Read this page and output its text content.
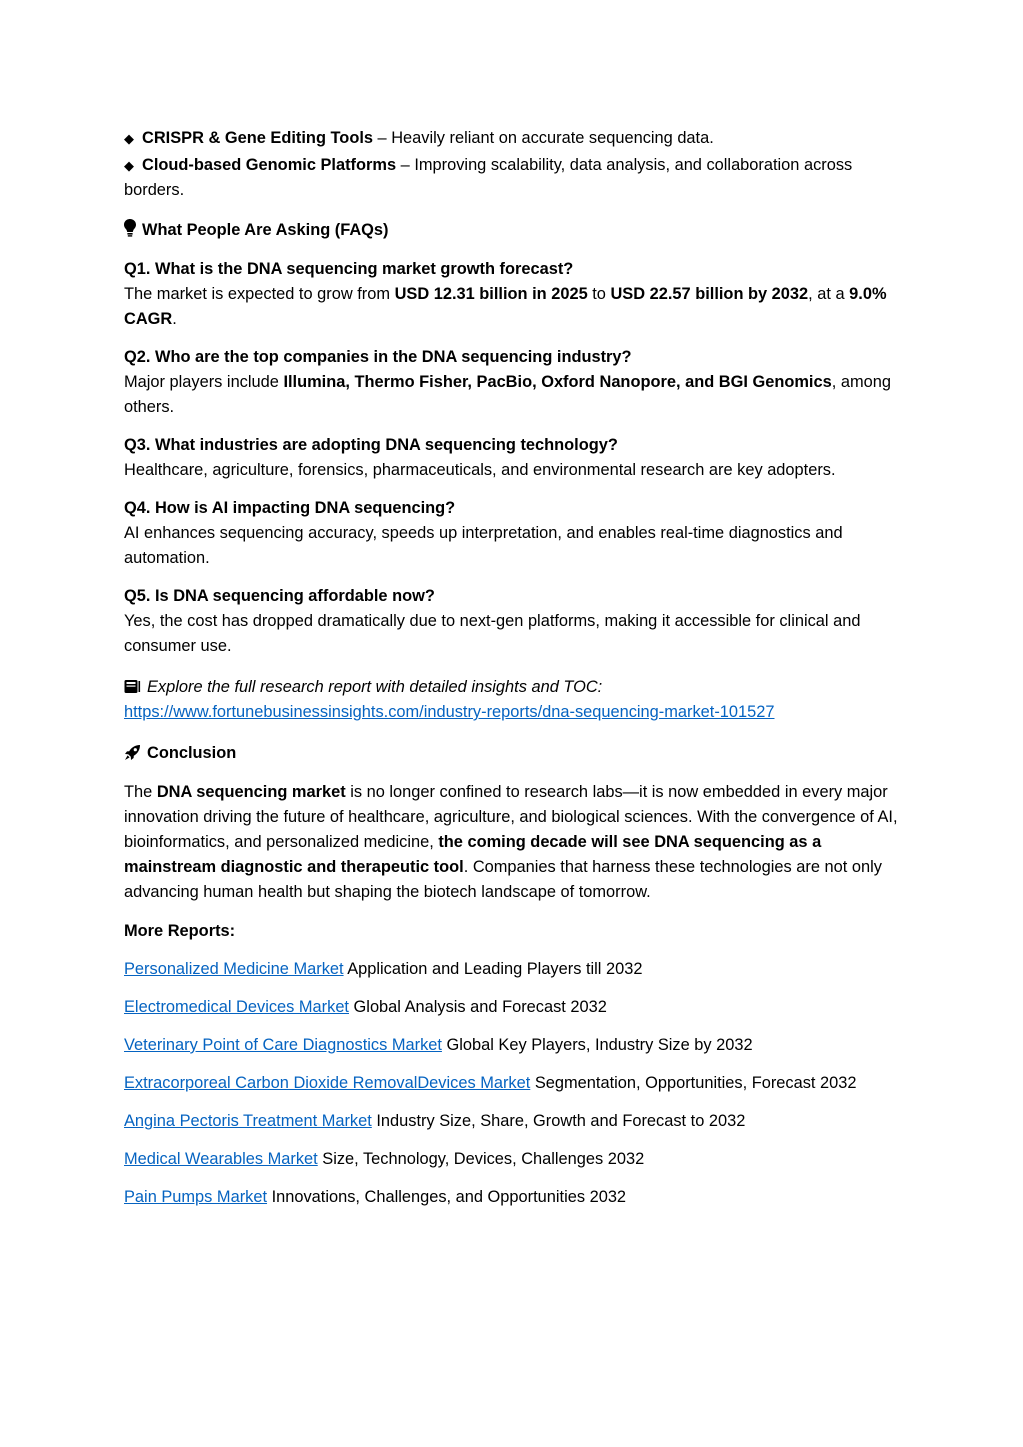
◆ CRISPR & Gene Editing Tools – Heavily reliant on accurate sequencing data.

◆ Cloud-based Genomic Platforms – Improving scalability, data analysis, and collaboration across borders.

What People Are Asking (FAQs)

Q1. What is the DNA sequencing market growth forecast?

The market is expected to grow from USD 12.31 billion in 2025 to USD 22.57 billion by 2032, at a 9.0% CAGR.

Q2. Who are the top companies in the DNA sequencing industry?

Major players include Illumina, Thermo Fisher, PacBio, Oxford Nanopore, and BGI Genomics, among others.

Q3. What industries are adopting DNA sequencing technology?

Healthcare, agriculture, forensics, pharmaceuticals, and environmental research are key adopters.

Q4. How is AI impacting DNA sequencing?

AI enhances sequencing accuracy, speeds up interpretation, and enables real-time diagnostics and automation.

Q5. Is DNA sequencing affordable now?

Yes, the cost has dropped dramatically due to next-gen platforms, making it accessible for clinical and consumer use.

Explore the full research report with detailed insights and TOC:

https://www.fortunebusinessinsights.com/industry-reports/dna-sequencing-market-101527

Conclusion

The DNA sequencing market is no longer confined to research labs—it is now embedded in every major innovation driving the future of healthcare, agriculture, and biological sciences. With the convergence of AI, bioinformatics, and personalized medicine, the coming decade will see DNA sequencing as a mainstream diagnostic and therapeutic tool. Companies that harness these technologies are not only advancing human health but shaping the biotech landscape of tomorrow.

More Reports:

Personalized Medicine Market Application and Leading Players till 2032

Electromedical Devices Market Global Analysis and Forecast 2032

Veterinary Point of Care Diagnostics Market Global Key Players, Industry Size by 2032

Extracorporeal Carbon Dioxide RemovalDevices Market Segmentation, Opportunities, Forecast 2032

Angina Pectoris Treatment Market Industry Size, Share, Growth and Forecast to 2032

Medical Wearables Market Size, Technology, Devices, Challenges 2032

Pain Pumps Market Innovations, Challenges, and Opportunities 2032
